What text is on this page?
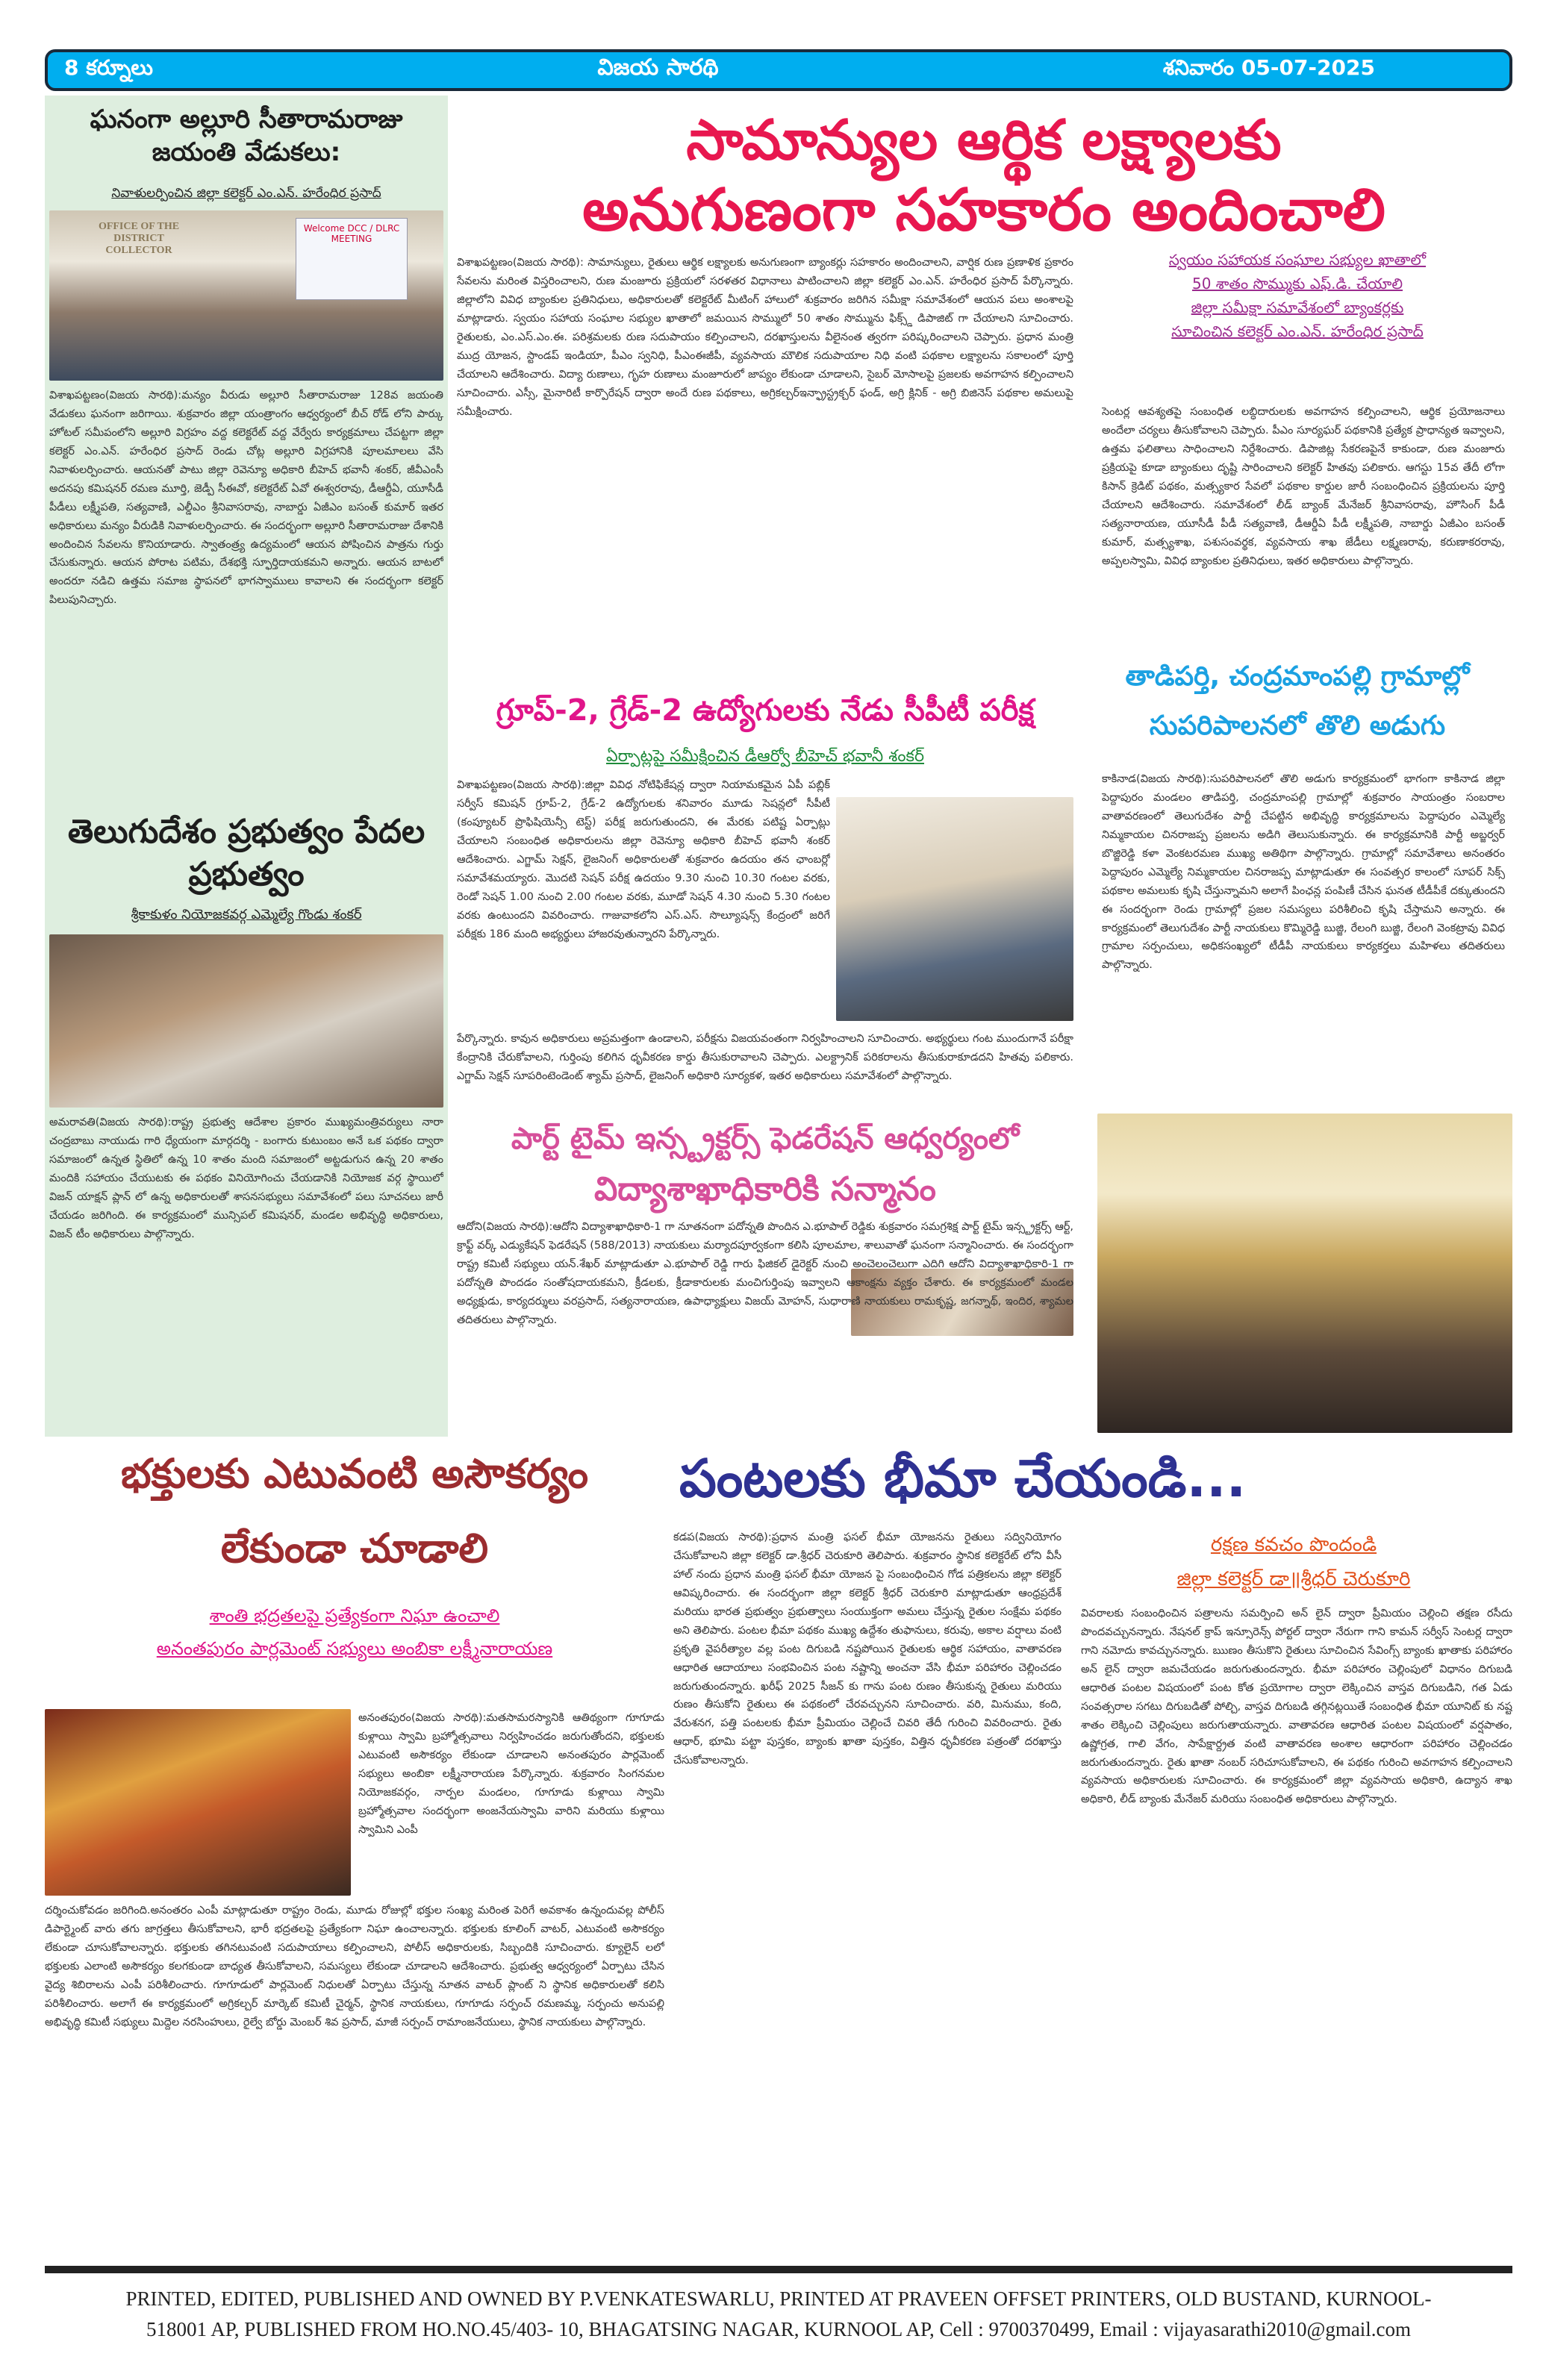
8 కర్నూలు	విజయ సారథి	శనివారం 05-07-2025
ఘనంగా అల్లూరి సీతారామరాజు జయంతి వేడుకలు:
నివాళులర్పించిన జిల్లా కలెక్టర్ ఎం.ఎన్. హరేంధిర ప్రసాద్
OFFICE OF THE DISTRICT COLLECTOR
Welcome DCC / DLRC MEETING
విశాఖపట్టణం(విజయ సారథి):మన్యం వీరుడు అల్లూరి సీతారామరాజు 128వ జయంతి వేడుకలు ఘనంగా జరిగాయి. శుక్రవారం జిల్లా యంత్రాంగం ఆధ్వర్యంలో బీచ్ రోడ్ లోని పార్కు హోటల్ సమీపంలోని అల్లూరి విగ్రహం వద్ద కలెక్టరేట్ వద్ద వేర్వేరు కార్యక్రమాలు చేపట్టగా జిల్లా కలెక్టర్ ఎం.ఎన్. హరేంధిర ప్రసాద్ రెండు చోట్ల అల్లూరి విగ్రహానికి పూలమాలలు వేసి నివాళులర్పించారు. ఆయనతో పాటు జిల్లా రెవెన్యూ అధికారి బీహెచ్ భవానీ శంకర్, జీవీఎంసీ అదనపు కమిషనర్ రమణ మూర్తి, జెడ్పీ సీఈవో, కలెక్టరేట్ ఏవో ఈశ్వరరావు, డీఆర్డీఏ, యూసీడీ పీడీలు లక్ష్మీపతి, సత్యవాణి, ఎల్డీఎం శ్రీనివాసరావు, నాబార్డు ఏజీఎం బసంత్ కుమార్ ఇతర అధికారులు మన్యం వీరుడికి నివాళులర్పించారు. ఈ సందర్భంగా అల్లూరి సీతారామరాజు దేశానికి అందించిన సేవలను కొనియాడారు. స్వాతంత్ర్య ఉద్యమంలో ఆయన పోషించిన పాత్రను గుర్తు చేసుకున్నారు. ఆయన పోరాట పటిమ, దేశభక్తి స్ఫూర్తిదాయకమని అన్నారు. ఆయన బాటలో అందరూ నడిచి ఉత్తమ సమాజ స్థాపనలో భాగస్వాములు కావాలని ఈ సందర్భంగా కలెక్టర్ పిలుపునిచ్చారు.
తెలుగుదేశం ప్రభుత్వం పేదల ప్రభుత్వం
శ్రీకాకుళం నియోజకవర్గ ఎమ్మెల్యే గొండు శంకర్
అమరావతి(విజయ సారథి):రాష్ట్ర ప్రభుత్వ ఆదేశాల ప్రకారం ముఖ్యమంత్రివర్యులు నారా చంద్రబాబు నాయుడు గారి ధ్యేయంగా మార్గదర్శి - బంగారు కుటుంబం అనే ఒక పథకం ద్వారా సమాజంలో ఉన్నత స్థితిలో ఉన్న 10 శాతం మంది సమాజంలో అట్టడుగున ఉన్న 20 శాతం మందికి సహాయం చేయుటకు ఈ పథకం వినియోగించు చేయడానికి నియోజక వర్గ స్థాయిలో విజన్ యాక్షన్ ప్లాన్ లో ఉన్న అధికారులతో శాసనసభ్యులు సమావేశంలో పలు సూచనలు జారీ చేయడం జరిగింది. ఈ కార్యక్రమంలో మున్సిపల్ కమిషనర్, మండల అభివృద్ధి అధికారులు, విజన్ టీం అధికారులు పాల్గొన్నారు.
సామాన్యుల ఆర్థిక లక్ష్యాలకు
అనుగుణంగా సహకారం అందించాలి
విశాఖపట్టణం(విజయ సారథి): సామాన్యులు, రైతులు ఆర్థిక లక్ష్యాలకు అనుగుణంగా బ్యాంకర్లు సహకారం అందించాలని, వార్షిక రుణ ప్రణాళిక ప్రకారం సేవలను మరింత విస్తరించాలని, రుణ మంజూరు ప్రక్రియలో సరళతర విధానాలు పాటించాలని జిల్లా కలెక్టర్ ఎం.ఎన్. హరేంధిర ప్రసాద్ పేర్కొన్నారు. జిల్లాలోని వివిధ బ్యాంకుల ప్రతినిధులు, అధికారులతో కలెక్టరేట్ మీటింగ్ హాలులో శుక్రవారం జరిగిన సమీక్షా సమావేశంలో ఆయన పలు అంశాలపై మాట్లాడారు. స్వయం సహాయ సంఘాల సభ్యుల ఖాతాలో జమయిన సొమ్ములో 50 శాతం సొమ్మును ఫిక్స్డ్ డిపాజిట్ గా చేయాలని సూచించారు. రైతులకు, ఎం.ఎస్.ఎం.ఈ. పరిశ్రమలకు రుణ సదుపాయం కల్పించాలని, దరఖాస్తులను వీలైనంత త్వరగా పరిష్కరించాలని చెప్పారు. ప్రధాన మంత్రి ముద్ర యోజన, స్టాండప్ ఇండియా, పీఎం స్వనిధి, పీఎంఈజీపీ, వ్యవసాయ మౌలిక సదుపాయాల నిధి వంటి పథకాల లక్ష్యాలను సకాలంలో పూర్తి చేయాలని ఆదేశించారు. విద్యా రుణాలు, గృహ రుణాలు మంజూరులో జాప్యం లేకుండా చూడాలని, సైబర్ మోసాలపై ప్రజలకు అవగాహన కల్పించాలని సూచించారు. ఎస్సీ, మైనారిటీ కార్పొరేషన్ ద్వారా అందే రుణ పథకాలు, అగ్రికల్చర్ఇన్ఫ్రాస్ట్రక్చర్ ఫండ్, అగ్రి క్లినిక్ - అగ్రి బిజినెస్ పథకాల అమలుపై సమీక్షించారు.
స్వయం సహాయక సంఘాల సభ్యుల ఖాతాలో
50 శాతం సొమ్ముకు ఎఫ్.డి. చేయాలి
జిల్లా సమీక్షా సమావేశంలో బ్యాంకర్లకు
సూచించిన కలెక్టర్ ఎం.ఎన్. హరేంధిర ప్రసాద్
సెంటర్ల ఆవశ్యతపై సంబంధిత లబ్ధిదారులకు అవగాహన కల్పించాలని, ఆర్థిక ప్రయోజనాలు అందేలా చర్యలు తీసుకోవాలని చెప్పారు. పీఎం సూర్యఘర్ పథకానికి ప్రత్యేక ప్రాధాన్యత ఇవ్వాలని, ఉత్తమ ఫలితాలు సాధించాలని నిర్దేశించారు. డిపాజిట్ల సేకరణపైనే కాకుండా, రుణ మంజూరు ప్రక్రియపై కూడా బ్యాంకులు దృష్టి సారించాలని కలెక్టర్ హితవు పలికారు. ఆగస్టు 15వ తేదీ లోగా కిసాన్ క్రెడిట్ పథకం, మత్స్యకార సేవలో పథకాల కార్డుల జారీ సంబంధించిన ప్రక్రియలను పూర్తి చేయాలని ఆదేశించారు. సమావేశంలో లీడ్ బ్యాంక్ మేనేజర్ శ్రీనివాసరావు, హౌసింగ్ పీడీ సత్యనారాయణ, యూసీడీ పీడీ సత్యవాణి, డీఆర్డీఏ పీడీ లక్ష్మీపతి, నాబార్డు ఏజీఎం బసంత్ కుమార్, మత్స్యశాఖ, పశుసంవర్థక, వ్యవసాయ శాఖ జేడీలు లక్ష్మణరావు, కరుణాకరరావు, అప్పలస్వామి, వివిధ బ్యాంకుల ప్రతినిధులు, ఇతర అధికారులు పాల్గొన్నారు.
గ్రూప్-2, గ్రేడ్-2 ఉద్యోగులకు నేడు సీపీటీ పరీక్ష
ఏర్పాట్లపై సమీక్షించిన డీఆర్వో బీహెచ్ భవానీ శంకర్
విశాఖపట్టణం(విజయ సారథి):జిల్లా వివిధ నోటిఫికేషన్ల ద్వారా నియామకమైన ఏపీ పబ్లిక్ సర్వీస్ కమిషన్ గ్రూప్-2, గ్రేడ్-2 ఉద్యోగులకు శనివారం మూడు సెషన్లలో సీపీటీ (కంప్యూటర్ ప్రొఫిషియెన్సీ టెస్ట్) పరీక్ష జరుగుతుందని, ఈ మేరకు పటిష్ట ఏర్పాట్లు చేయాలని సంబంధిత అధికారులను జిల్లా రెవెన్యూ అధికారి బీహెచ్ భవానీ శంకర్ ఆదేశించారు. ఎగ్జామ్ సెక్షన్, లైజనింగ్ అధికారులతో శుక్రవారం ఉదయం తన ఛాంబర్లో సమావేశమయ్యారు. మొదటి సెషన్ పరీక్ష ఉదయం 9.30 నుంచి 10.30 గంటల వరకు, రెండో సెషన్ 1.00 నుంచి 2.00 గంటల వరకు, మూడో సెషన్ 4.30 నుంచి 5.30 గంటల వరకు ఉంటుందని వివరించారు. గాజువాకలోని ఎస్.ఎస్. సొల్యూషన్స్ కేంద్రంలో జరిగే పరీక్షకు 186 మంది అభ్యర్థులు హాజరవుతున్నారని పేర్కొన్నారు.
పేర్కొన్నారు. కావున అధికారులు అప్రమత్తంగా ఉండాలని, పరీక్షను విజయవంతంగా నిర్వహించాలని సూచించారు. అభ్యర్థులు గంట ముందుగానే పరీక్షా కేంద్రానికి చేరుకోవాలని, గుర్తింపు కలిగిన ధృవీకరణ కార్డు తీసుకురావాలని చెప్పారు. ఎలక్ట్రానిక్ పరికరాలను తీసుకురాకూడదని హితవు పలికారు. ఎగ్జామ్ సెక్షన్ సూపరింటెండెంట్ శ్యామ్ ప్రసాద్, లైజనింగ్ అధికారి సూర్యకళ, ఇతర అధికారులు సమావేశంలో పాల్గొన్నారు.
పార్ట్ టైమ్ ఇన్స్ట్రక్టర్స్ ఫెడరేషన్ ఆధ్వర్యంలో
విద్యాశాఖాధికారికి సన్మానం
ఆదోని(విజయ సారథి):ఆదోని విద్యాశాఖాధికారి-1 గా నూతనంగా పదోన్నతి పొందిన ఎ.భూపాల్ రెడ్డికు శుక్రవారం సమగ్రశిక్ష పార్ట్ టైమ్ ఇన్స్ట్రక్టర్స్ ఆర్ట్, క్రాఫ్ట్ వర్క్ ఎడ్యుకేషన్ ఫెడరేషన్ (588/2013) నాయకులు మర్యాదపూర్వకంగా కలిసి పూలమాల, శాలువాతో ఘనంగా సన్మానించారు. ఈ సందర్భంగా రాష్ట్ర కమిటీ సభ్యులు యన్.శేఖర్ మాట్లాడుతూ ఎ.భూపాల్ రెడ్డి గారు ఫిజికల్ డైరెక్టర్ నుంచి అంచెలంచెలుగా ఎదిగి ఆదోని విద్యాశాఖాధికారి-1 గా పదోన్నతి పొందడం సంతోషదాయకమని, క్రీడలకు, క్రీడాకారులకు మంచిగుర్తింపు ఇవ్వాలని ఆకాంక్షను వ్యక్తం చేశారు. ఈ కార్యక్రమంలో మండల అధ్యక్షుడు, కార్యదర్శులు వరప్రసాద్, సత్యనారాయణ, ఉపాధ్యాక్షులు విజయ్ మోహన్, సుధారాణి నాయకులు రామకృష్ణ, జగన్నాథ్, ఇందిర, శ్యామల తదితరులు పాల్గొన్నారు.
తాడిపర్తి, చంద్రమాంపల్లి గ్రామాల్లో
సుపరిపాలనలో తొలి అడుగు
కాకినాడ(విజయ సారథి):సుపరిపాలనలో తొలి అడుగు కార్యక్రమంలో భాగంగా కాకినాడ జిల్లా పెద్దాపురం మండలం తాడిపర్తి, చంద్రమాంపల్లి గ్రామాల్లో శుక్రవారం సాయంత్రం సంబరాల వాతావరణంలో తెలుగుదేశం పార్టీ చేపట్టిన అభివృద్ధి కార్యక్రమాలను పెద్దాపురం ఎమ్మెల్యే నిమ్మకాయల చినరాజప్ప ప్రజలను అడిగి తెలుసుకున్నారు. ఈ కార్యక్రమానికి పార్టీ అబ్జర్వర్ బొజ్జిరెడ్డి కళా వెంకటరమణ ముఖ్య అతిథిగా పాల్గొన్నారు. గ్రామాల్లో సమావేశాలు అనంతరం పెద్దాపురం ఎమ్మెల్యే నిమ్మకాయల చినరాజప్ప మాట్లాడుతూ ఈ సంవత్సర కాలంలో సూపర్ సిక్స్ పథకాల అమలుకు కృషి చేస్తున్నామని అలాగే పింఛన్ల పంపిణీ చేసిన ఘనత టీడీపీకే దక్కుతుందని ఈ సందర్భంగా రెండు గ్రామాల్లో ప్రజల సమస్యలు పరిశీలించి కృషి చేస్తామని అన్నారు. ఈ కార్యక్రమంలో తెలుగుదేశం పార్టీ నాయకులు కొమ్మిరెడ్డి బుజ్జి, రేలంగి బుజ్జి, రేలంగి వెంకట్రావు వివిధ గ్రామాల సర్పంచులు, అధికసంఖ్యలో టీడీపీ నాయకులు కార్యకర్తలు మహిళలు తదితరులు పాల్గొన్నారు.
భక్తులకు ఎటువంటి అసౌకర్యం
లేకుండా చూడాలి
శాంతి భద్రతలపై ప్రత్యేకంగా నిఘా ఉంచాలి
అనంతపురం పార్లమెంట్ సభ్యులు అంబికా లక్ష్మీనారాయణ
అనంతపురం(విజయ సారథి):మతసామరస్యానికి ఆతిథ్యంగా గూగూడు కుళ్లాయి స్వామి బ్రహ్మోత్సవాలు నిర్వహించడం జరుగుతోందని, భక్తులకు ఎటువంటి అసౌకర్యం లేకుండా చూడాలని అనంతపురం పార్లమెంట్ సభ్యులు అంబికా లక్ష్మీనారాయణ పేర్కొన్నారు. శుక్రవారం సింగనమల నియోజకవర్గం, నార్పల మండలం, గూగూడు కుళ్లాయి స్వామి బ్రహ్మోత్సవాల సందర్భంగా అంజనేయస్వామి వారిని మరియు కుళ్లాయి స్వామిని ఎంపీ
దర్శించుకోవడం జరిగింది.అనంతరం ఎంపీ మాట్లాడుతూ రాష్ట్రం రెండు, మూడు రోజుల్లో భక్తుల సంఖ్య మరింత పెరిగే అవకాశం ఉన్నందువల్ల పోలీస్ డిపార్ట్మెంట్ వారు తగు జాగ్రత్తలు తీసుకోవాలని, భారీ భద్రతలపై ప్రత్యేకంగా నిఘా ఉంచాలన్నారు. భక్తులకు కూలింగ్ వాటర్, ఎటువంటి అసౌకర్యం లేకుండా చూసుకోవాలన్నారు. భక్తులకు తగినటువంటి సదుపాయాలు కల్పించాలని, పోలీస్ అధికారులకు, సిబ్బందికి సూచించారు. క్యూలైన్ లలో భక్తులకు ఎలాంటి అసౌకర్యం కలగకుండా బాధ్యత తీసుకోవాలని, సమస్యలు లేకుండా చూడాలని ఆదేశించారు. ప్రభుత్వ ఆధ్వర్యంలో ఏర్పాటు చేసిన వైద్య శిబిరాలను ఎంపీ పరిశీలించారు. గూగూడులో పార్లమెంట్ నిధులతో ఏర్పాటు చేస్తున్న నూతన వాటర్ ప్లాంట్ ని స్థానిక అధికారులతో కలిసి పరిశీలించారు. అలాగే ఈ కార్యక్రమంలో అగ్రికల్చర్ మార్కెట్ కమిటీ చైర్మన్, స్థానిక నాయకులు, గూగూడు సర్పంచ్ రమణమ్మ, సర్పంచు అనుపల్లి అభివృద్ధి కమిటీ సభ్యులు మిద్దెల నరసింహులు, రైల్వే బోర్డు మెంబర్ శివ ప్రసాద్, మాజీ సర్పంచ్ రామాంజనేయులు, స్థానిక నాయకులు పాల్గొన్నారు.
పంటలకు భీమా చేయండి...
కడప(విజయ సారథి):ప్రధాన మంత్రి ఫసల్ భీమా యోజనను రైతులు సద్వినియోగం చేసుకోవాలని జిల్లా కలెక్టర్ డా.శ్రీధర్ చెరుకూరి తెలిపారు. శుక్రవారం స్థానిక కలెక్టరేట్ లోని వీసీ హాల్ నందు ప్రధాన మంత్రి ఫసల్ భీమా యోజన పై సంబంధించిన గోడ పత్రికలను జిల్లా కలెక్టర్ ఆవిష్కరించారు. ఈ సందర్భంగా జిల్లా కలెక్టర్ శ్రీధర్ చెరుకూరి మాట్లాడుతూ ఆంధ్రప్రదేశ్ మరియు భారత ప్రభుత్వం ప్రభుత్వాలు సంయుక్తంగా అమలు చేస్తున్న రైతుల సంక్షేమ పథకం అని తెలిపారు. పంటల భీమా పథకం ముఖ్య ఉద్దేశం తుఫానులు, కరువు, అకాల వర్షాలు వంటి ప్రకృతి వైపరీత్యాల వల్ల పంట దిగుబడి నష్టపోయిన రైతులకు ఆర్థిక సహాయం, వాతావరణ ఆధారిత ఆదాయాలు సంభవించిన పంట నష్టాన్ని అంచనా వేసి భీమా పరిహారం చెల్లించడం జరుగుతుందన్నారు. ఖరీఫ్ 2025 సీజన్ కు గాను పంట రుణం తీసుకున్న రైతులు మరియు రుణం తీసుకోని రైతులు ఈ పథకంలో చేరవచ్చునని సూచించారు. వరి, మినుము, కంది, వేరుశనగ, పత్తి పంటలకు భీమా ప్రీమియం చెల్లించే చివరి తేదీ గురించి వివరించారు. రైతు ఆధార్, భూమి పట్టా పుస్తకం, బ్యాంకు ఖాతా పుస్తకం, విత్తిన ధృవీకరణ పత్రంతో దరఖాస్తు చేసుకోవాలన్నారు.
రక్షణ కవచం పొందండి
జిల్లా కలెక్టర్ డా॥శ్రీధర్ చెరుకూరి
వివరాలకు సంబంధించిన పత్రాలను సమర్పించి అన్ లైన్ ద్వారా ప్రీమియం చెల్లించి తక్షణ రసీదు పొందవచ్చునన్నారు. నేషనల్ క్రాప్ ఇన్సూరెన్స్ పోర్టల్ ద్వారా నేరుగా గాని కామన్ సర్వీస్ సెంటర్ల ద్వారా గాని నమోదు కావచ్చునన్నారు. ఋణం తీసుకొని రైతులు సూచించిన సేవింగ్స్ బ్యాంకు ఖాతాకు పరిహారం అన్ లైన్ ద్వారా జమచేయడం జరుగుతుందన్నారు. భీమా పరిహారం చెల్లింపులో విధానం దిగుబడి ఆధారిత పంటల విషయంలో పంట కోత ప్రయోగాల ద్వారా లెక్కించిన వాస్తవ దిగుబడిని, గత ఏడు సంవత్సరాల సగటు దిగుబడితో పోల్చి, వాస్తవ దిగుబడి తగ్గినట్లయితే సంబంధిత భీమా యూనిట్ కు నష్ట శాతం లెక్కించి చెల్లింపులు జరుగుతాయన్నారు. వాతావరణ ఆధారిత పంటల విషయంలో వర్షపాతం, ఉష్ణోగ్రత, గాలి వేగం, సాపేక్షార్ద్రత వంటి వాతావరణ అంశాల ఆధారంగా పరిహారం చెల్లించడం జరుగుతుందన్నారు. రైతు ఖాతా నంబర్ సరిచూసుకోవాలని, ఈ పథకం గురించి అవగాహన కల్పించాలని వ్యవసాయ అధికారులకు సూచించారు. ఈ కార్యక్రమంలో జిల్లా వ్యవసాయ అధికారి, ఉద్యాన శాఖ అధికారి, లీడ్ బ్యాంకు మేనేజర్ మరియు సంబంధిత అధికారులు పాల్గొన్నారు.
PRINTED, EDITED, PUBLISHED AND OWNED BY P.VENKATESWARLU, PRINTED AT PRAVEEN OFFSET PRINTERS, OLD BUSTAND, KURNOOL-
518001 AP, PUBLISHED FROM HO.NO.45/403- 10, BHAGATSING NAGAR, KURNOOL AP, Cell : 9700370499, Email : vijayasarathi2010@gmail.com
